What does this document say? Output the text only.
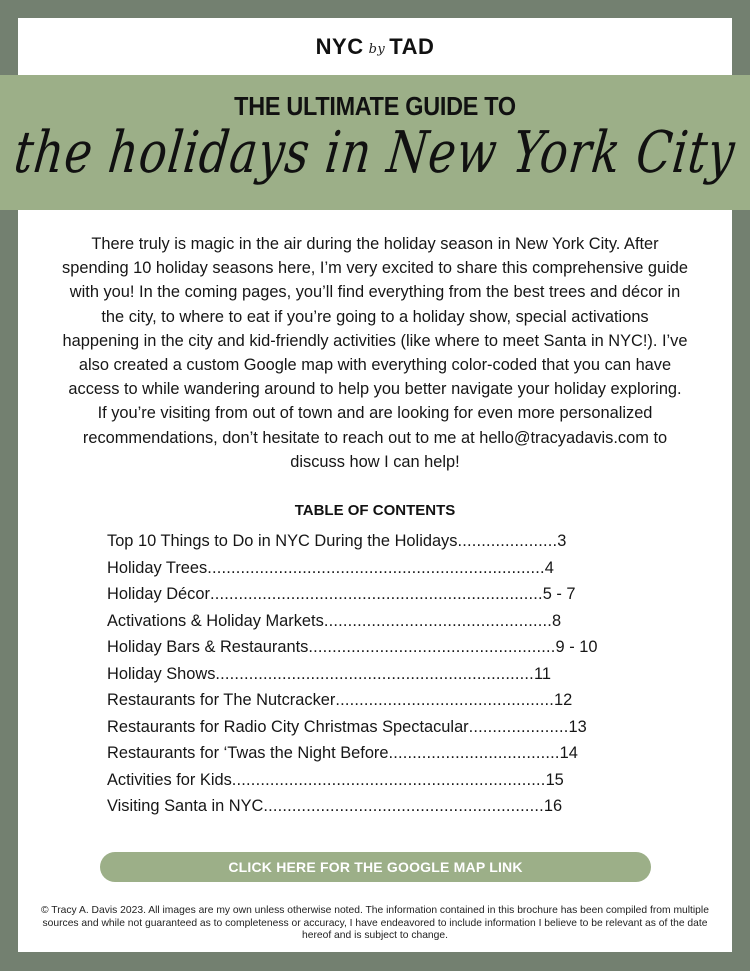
NYC by TAD
THE ULTIMATE GUIDE TO
the holidays in New York City

There truly is magic in the air during the holiday season in New York City. After spending 10 holiday seasons here, I’m very excited to share this comprehensive guide with you! In the coming pages, you’ll find everything from the best trees and décor in the city, to where to eat if you’re going to a holiday show, special activations happening in the city and kid-friendly activities (like where to meet Santa in NYC!). I’ve also created a custom Google map with everything color-coded that you can have access to while wandering around to help you better navigate your holiday exploring. If you’re visiting from out of town and are looking for even more personalized recommendations, don’t hesitate to reach out to me at hello@tracyadavis.com to discuss how I can help!

TABLE OF CONTENTS
Top 10 Things to Do in NYC During the Holidays.....................3
Holiday Trees.......................................................................4
Holiday Décor......................................................................5 - 7
Activations & Holiday Markets................................................8
Holiday Bars & Restaurants....................................................9 - 10
Holiday Shows...................................................................11
Restaurants for The Nutcracker..............................................12
Restaurants for Radio City Christmas Spectacular.....................13
Restaurants for ‘Twas the Night Before....................................14
Activities for Kids..................................................................15
Visiting Santa in NYC...........................................................16
CLICK HERE FOR THE GOOGLE MAP LINK

© Tracy A. Davis 2023. All images are my own unless otherwise noted. The information contained in this brochure has been compiled from multiple sources and while not guaranteed as to completeness or accuracy, I have endeavored to include information I believe to be relevant as of the date hereof and is subject to change.
